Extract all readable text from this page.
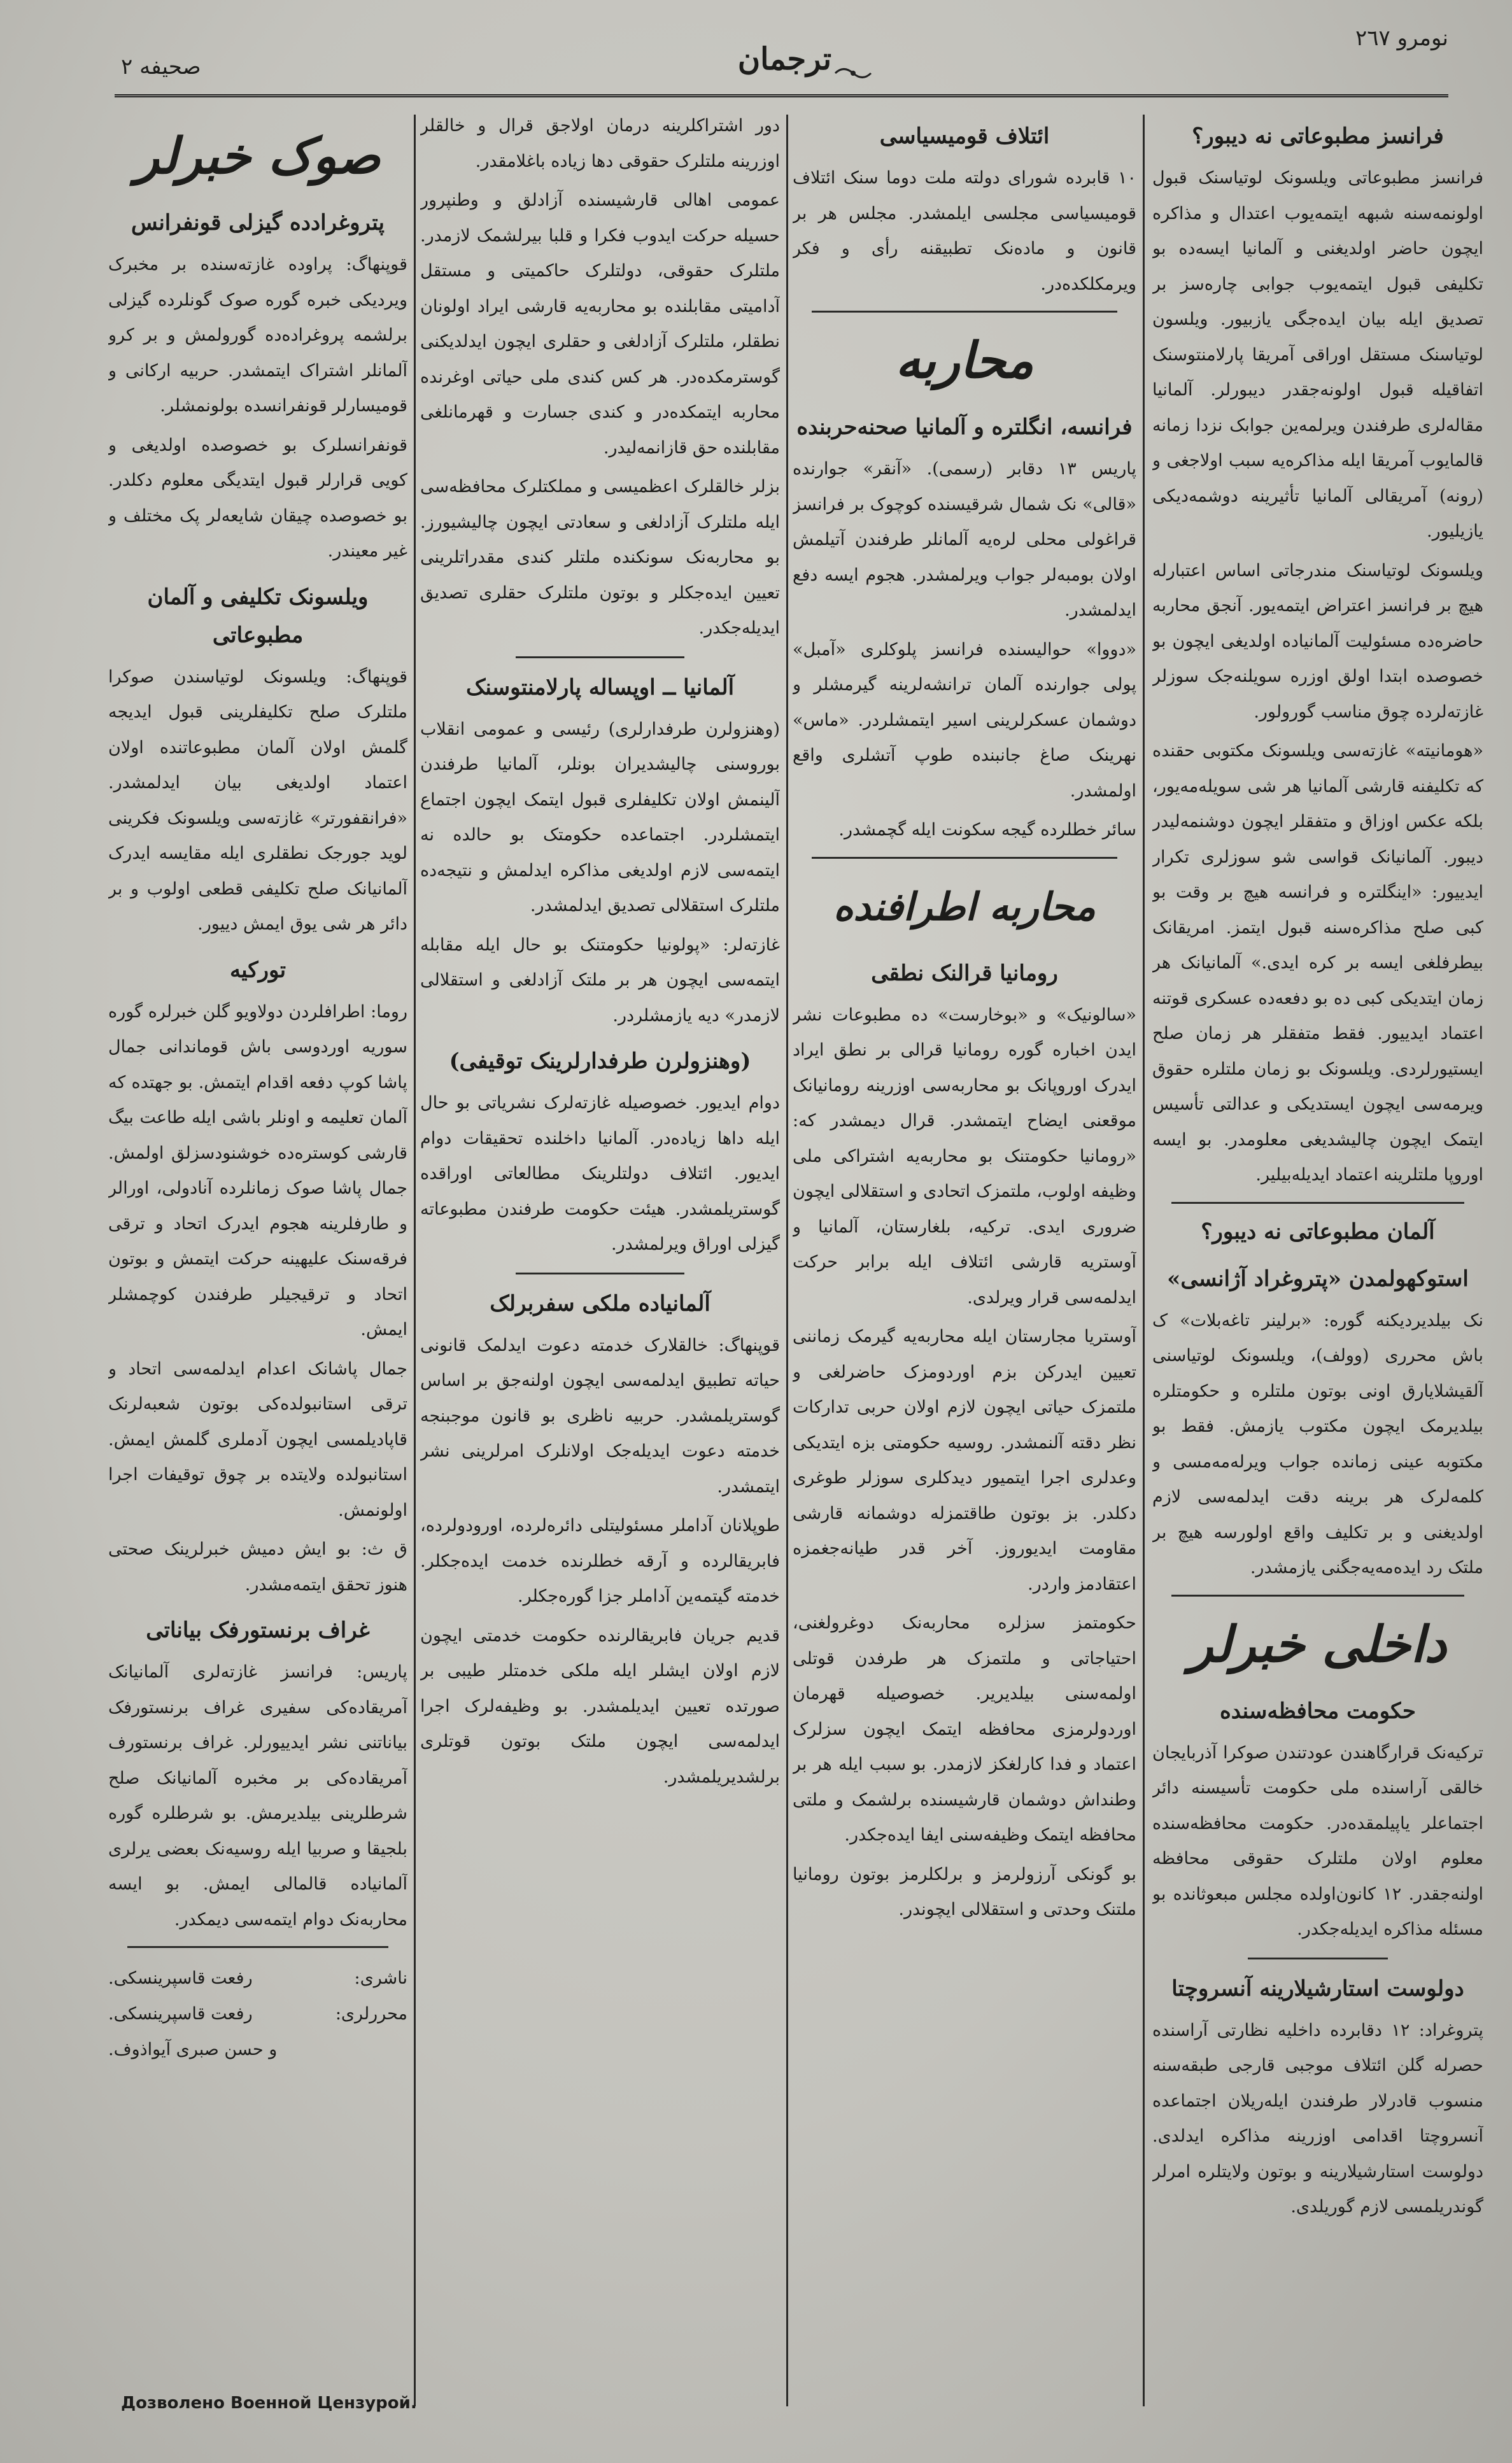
صحیفه ۲	ترجمان
نومرو ٢٦٧
فرانسز مطبوعاتی نه دیبور؟

فرانسز مطبوعاتی ویلسونک لوتیاسنک قبول اولونمه‌سنه شبهه ایتمه‌یوب اعتدال و مذاکره ایچون حاضر اولدیغنی و آلمانیا ایسه‌ده بو تکلیفی قبول ایتمه‌یوب جوابی چاره‌سز بر تصدیق ایله بیان ایده‌جگی یازبیور. ویلسون لوتیاسنک مستقل اوراقی آمریقا پارلامنتوسنک اتفاقیله قبول اولونه‌جقدر دیبورلر. آلمانیا مقاله‌لری طرفندن ویرلمه‌ین جوابک نزدا زمانه قالمایوب آمریقا ایله مذاکره‌یه سبب اولاجغی و (رونه) آمریقالی آلمانیا تأثیرینه دوشمه‌دیکی یازیلیور.

ویلسونک لوتیاسنک مندرجاتی اساس اعتبارله هیچ بر فرانسز اعتراض ایتمه‌یور. آنجق محاربه حاضره‌ده مسئولیت آلمانیاده اولدیغی ایچون بو خصوصده ابتدا اولق اوزره سویلنه‌جک سوزلر غازته‌لرده چوق مناسب گورولور.

«هومانیته» غازته‌سی ویلسونک مکتوبی حقنده که تکلیفنه قارشی آلمانیا هر شی سویله‌مه‌یور، بلکه عکس اوزاق و متفقلر ایچون دوشنمه‌لیدر دیبور. آلمانیانک قواسی شو سوزلری تکرار ایدییور: «اینگلتره و فرانسه هیچ بر وقت بو کبی صلح مذاکره‌سنه قبول ایتمز. امریقانک بیطرفلغی ایسه بر کره ایدی.» آلمانیانک هر زمان ایتدیکی کبی ده بو دفعه‌ده عسکری قوتنه اعتماد ایدییور. فقط متفقلر هر زمان صلح ایستیورلردی. ویلسونک بو زمان ملتلره حقوق ویرمه‌سی ایچون ایستدیکی و عدالتی تأسیس ایتمک ایچون چالیشدیغی معلومدر. بو ایسه اوروپا ملتلرینه اعتماد ایدیله‌بیلیر.

آلمان مطبوعاتی نه دیبور؟
استوکهولمدن «پتروغراد آژانسی»

نک بیلدیردیکنه گوره: «برلینر تاغه‌بلات» ک باش محرری (وولف)، ویلسونک لوتیاسنی آلقیشلایارق اونی بوتون ملتلره و حکومتلره بیلدیرمک ایچون مکتوب یازمش. فقط بو مکتوبه عینی زمانده جواب ویرله‌مه‌مسی و کلمه‌لرک هر برینه دقت ایدلمه‌سی لازم اولدیغنی و بر تکلیف واقع اولورسه هیچ بر ملتک رد ایده‌مه‌یه‌جگنی یازمشدر.

داخلی خبرلر
حکومت محافظه‌سنده

ترکیه‌نک قرارگاهندن عودتندن صوکرا آذربایجان خالقی آراسنده ملی حکومت تأسیسنه دائر اجتماعلر یاپیلمقده‌در. حکومت محافظه‌سنده معلوم اولان ملتلرک حقوقی محافظه اولنه‌جقدر. ۱۲ کانون‌اولده مجلس مبعوثانده بو مسئله مذاکره ایدیله‌جکدر.

دولوست استارشیلارینه آنسروچتا

پتروغراد: ۱۲ دقابرده داخلیه نظارتی آراسنده حصرله گلن ائتلاف موجبی قارجی طبقه‌سنه منسوب قادرلار طرفندن ایله‌ریلان اجتماعده آنسروچتا اقدامی اوزرینه مذاکره ایدلدی. دولوست استارشیلارینه و بوتون ولایتلره امرلر گوندریلمسی لازم گوریلدی.

ائتلاف قومیسیاسی

۱۰ قابرده شورای دولته ملت دوما سنک ائتلاف قومیسیاسی مجلسی ایلمشدر. مجلس هر بر قانون و ماده‌نک تطبیقنه رأی و فکر ویرمکلکده‌در.

محاربه
فرانسه، انگلتره و آلمانیا صحنه‌حربنده

پاریس ۱۳ دقابر (رسمی). «آنقر» جوارنده «قالی» نک شمال شرقیسنده کوچوک بر فرانسز قراغولی محلی لره‌یه آلمانلر طرفندن آتیلمش اولان بومبه‌لر جواب ویرلمشدر. هجوم ایسه دفع ایدلمشدر.

«دووا» حوالیسنده فرانسز پلوکلری «آمبل» پولی جوارنده آلمان ترانشه‌لرینه گیرمشلر و دوشمان عسکرلرینی اسیر ایتمشلردر. «ماس» نهرینک صاغ جانبنده طوپ آتشلری واقع اولمشدر.

سائر خطلرده گیجه سکونت ایله گچمشدر.

محاربه اطرافنده
رومانیا قرالنک نطقی

«سالونیک» و «بوخارست» ده مطبوعات نشر ایدن اخباره گوره رومانیا قرالی بر نطق ایراد ایدرک اوروپانک بو محاربه‌سی اوزرینه رومانیانک موقعنی ایضاح ایتمشدر. قرال دیمشدر که: «رومانیا حکومتنک بو محاربه‌یه اشتراکی ملی وظیفه اولوب، ملتمزک اتحادی و استقلالی ایچون ضروری ایدی. ترکیه، بلغارستان، آلمانیا و آوستریه قارشی ائتلاف ایله برابر حرکت ایدلمه‌سی قرار ویرلدی.

آوستریا مجارستان ایله محاربه‌یه گیرمک زماننی تعیین ایدرکن بزم اوردومزک حاضرلغی و ملتمزک حیاتی ایچون لازم اولان حربی تدارکات نظر دقته آلنمشدر. روسیه حکومتی بزه ایتدیکی وعدلری اجرا ایتمیور دیدکلری سوزلر طوغری دکلدر. بز بوتون طاقتمزله دوشمانه قارشی مقاومت ایدیوروز. آخر قدر طیانه‌جغمزه اعتقادمز واردر.

حکومتمز سزلره محاربه‌نک دوغرولغنی، احتیاجاتی و ملتمزک هر طرفدن قوتلی اولمه‌سنی بیلدیریر. خصوصیله قهرمان اوردولرمزی محافظه ایتمک ایچون سزلرک اعتماد و فدا کارلغکز لازمدر. بو سبب ایله هر بر وطنداش دوشمان قارشیسنده برلشمک و ملتی محافظه ایتمک وظیفه‌سنی ایفا ایده‌جکدر.

بو گونکی آرزولرمز و برلکلرمز بوتون رومانیا ملتنک وحدتی و استقلالی ایچوندر.

دور اشتراکلرینه درمان اولاجق قرال و خالقلر اوزرینه ملتلرک حقوقی دها زیاده باغلامقدر.

عمومی اهالی قارشیسنده آزادلق و وطنپرور حسیله حرکت ایدوب فکرا و قلبا بیرلشمک لازمدر. ملتلرک حقوقی، دولتلرک حاکمیتی و مستقل آدامیتی مقابلنده بو محاربه‌یه قارشی ایراد اولونان نطقلر، ملتلرک آزادلغی و حقلری ایچون ایدلدیکنی گوسترمکده‌در. هر کس کندی ملی حیاتی اوغرنده محاربه ایتمکده‌در و کندی جسارت و قهرمانلغی مقابلنده حق قازانمه‌لیدر.

بزلر خالقلرک اعظمیسی و مملکتلرک محافظه‌سی ایله ملتلرک آزادلغی و سعادتی ایچون چالیشیورز. بو محاربه‌نک سونکنده ملتلر کندی مقدراتلرینی تعیین ایده‌جکلر و بوتون ملتلرک حقلری تصدیق ایدیله‌جکدر.

آلمانیا ــ اوپساله پارلامنتوسنک

(وهنزولرن طرفدارلری) رئیسی و عمومی انقلاب بوروسنی چالیشدیران بونلر، آلمانیا طرفندن آلینمش اولان تکلیفلری قبول ایتمک ایچون اجتماع ایتمشلردر. اجتماعده حکومتک بو حالده نه ایتمه‌سی لازم اولدیغی مذاکره ایدلمش و نتیجه‌ده ملتلرک استقلالی تصدیق ایدلمشدر.

غازته‌لر: «پولونیا حکومتنک بو حال ایله مقابله ایتمه‌سی ایچون هر بر ملتک آزادلغی و استقلالی لازمدر» دیه یازمشلردر.

(وهنزولرن طرفدارلرینک توقیفی)

دوام ایدیور. خصوصیله غازته‌لرک نشریاتی بو حال ایله داها زیاده‌در. آلمانیا داخلنده تحقیقات دوام ایدیور. ائتلاف دولتلرینک مطالعاتی اوراقده گوستریلمشدر. هیئت حکومت طرفندن مطبوعاته گیزلی اوراق ویرلمشدر.

آلمانیاده ملکی سفربرلک

قوپنهاگ: خالقلارک خدمته دعوت ایدلمک قانونی حیاته تطبیق ایدلمه‌سی ایچون اولنه‌جق بر اساس گوستریلمشدر. حربیه ناظری بو قانون موجبنجه خدمته دعوت ایدیله‌جک اولانلرک امرلرینی نشر ایتمشدر.

طوپلانان آداملر مسئولیتلی دائره‌لرده، اورودولرده، فابریقالرده و آرقه خطلرنده خدمت ایده‌جکلر. خدمته گیتمه‌ین آداملر جزا گوره‌جکلر.

قدیم جریان فابریقالرنده حکومت خدمتی ایچون لازم اولان ایشلر ایله ملکی خدمتلر طیبی بر صورتده تعیین ایدیلمشدر. بو وظیفه‌لرک اجرا ایدلمه‌سی ایچون ملتک بوتون قوتلری برلشدیریلمشدر.

صوک خبرلر
پتروغراد‌ده گیزلی قونفرانس

قوپنهاگ: پراوده غازته‌سنده بر مخبرک ویردیکی خبره گوره صوک گونلرده گیزلی برلشمه پروغراده‌ده گورولمش و بر کرو آلمانلر اشتراک ایتمشدر. حربیه ارکانی و قومیسارلر قونفرانسده بولونمشلر.

قونفرانسلرک بو خصوصده اولدیغی و کویی قرارلر قبول ایتدیگی معلوم دکلدر. بو خصوصده چیقان شایعه‌لر پک مختلف و غیر معیندر.

ویلسونک تکلیفی و آلمان مطبوعاتی

قوپنهاگ: ویلسونک لوتیاسندن صوکرا ملتلرک صلح تکلیفلرینی قبول ایدیجه گلمش اولان آلمان مطبوعاتنده اولان اعتماد اولدیغی بیان ایدلمشدر. «فرانقفورتر» غازته‌سی ویلسونک فکرینی لوید جورجک نطقلری ایله مقایسه ایدرک آلمانیانک صلح تکلیفی قطعی اولوب و بر دائر هر شی یوق ایمش دییور.

تورکیه

روما: اطرافلردن دولاویو گلن خبرلره گوره سوریه اوردوسی باش قوماندانی جمال پاشا کوپ دفعه اقدام ایتمش. بو جهتده که آلمان تعلیمه و اونلر باشی ایله طاعت بیگ قارشی کوستره‌ده خوشنودسزلق اولمش. جمال پاشا صوک زمانلرده آنادولی، اورالر و طارفلرینه هجوم ایدرک اتحاد و ترقی فرقه‌سنک علیهینه حرکت ایتمش و بوتون اتحاد و ترقیجیلر طرفندن کوچمشلر ایمش.

جمال پاشانک اعدام ایدلمه‌سی اتحاد و ترقی استانبولده‌کی بوتون شعبه‌لرنک قاپادیلمسی ایچون آدملری گلمش ایمش. استانبولده ولایتده بر چوق توقیفات اجرا اولونمش.

ق ث: بو ایش دمیش خبرلرینک صحتی هنوز تحقق ایتمه‌مشدر.

غراف برنستورفک بیاناتی

پاریس: فرانسز غازته‌لری آلمانیانک آمریقاده‌کی سفیری غراف برنستورفک بیاناتنی نشر ایدییورلر. غراف برنستورف آمریقاده‌کی بر مخبره آلمانیانک صلح شرطلرینی بیلدیرمش. بو شرطلره گوره بلجیقا و صربیا ایله روسیه‌نک بعضی یرلری آلمانیاده قالمالی ایمش. بو ایسه محاربه‌نک دوام ایتمه‌سی دیمکدر.

ناشری:
رفعت قاسپرینسکی.
محررلری:
رفعت قاسپرینسکی.
و حسن صبری آیواذوف.
Дозволено Военной Цензурой.
